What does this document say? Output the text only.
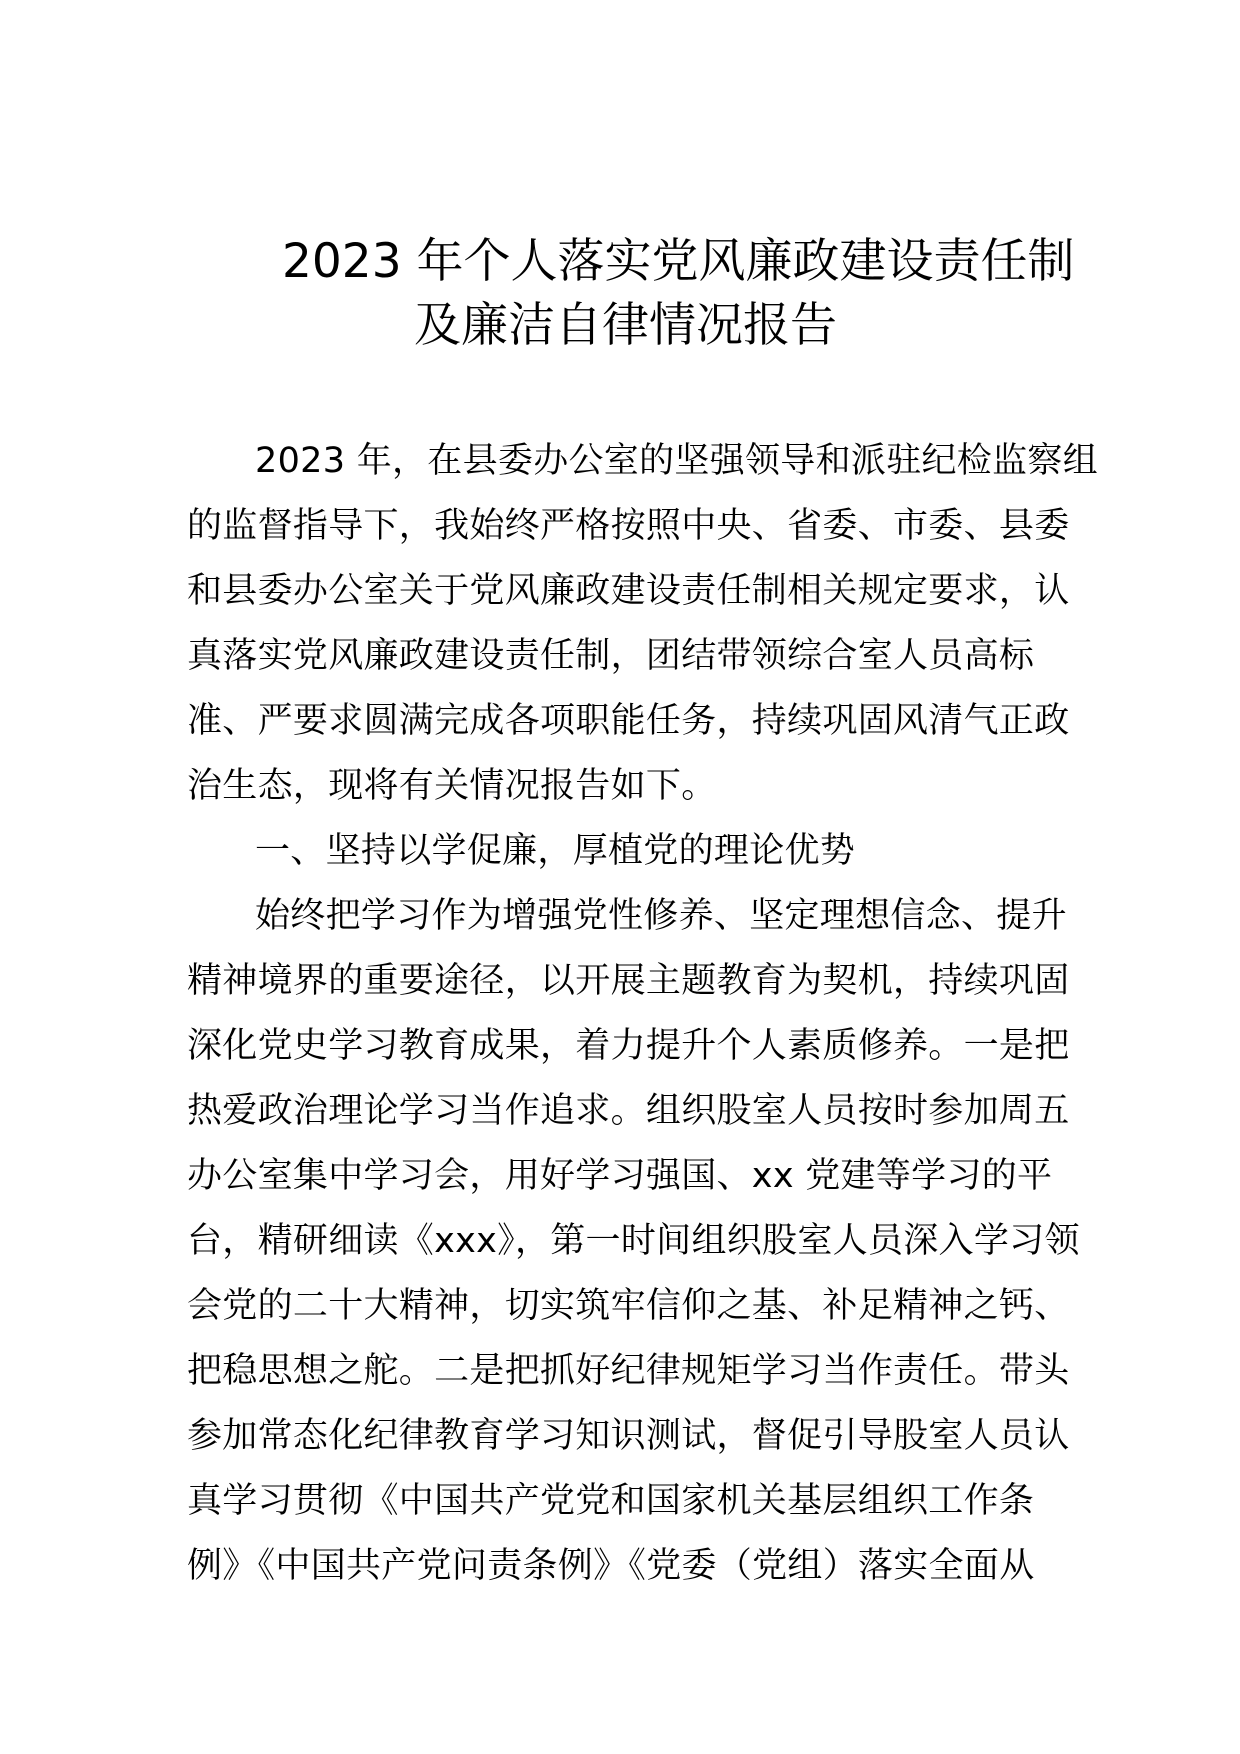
2023 年个人落实党风廉政建设责任制
及廉洁自律情况报告
2023 年，在县委办公室的坚强领导和派驻纪检监察组
的监督指导下，我始终严格按照中央、省委、市委、县委
和县委办公室关于党风廉政建设责任制相关规定要求，认
真落实党风廉政建设责任制，团结带领综合室人员高标
准、严要求圆满完成各项职能任务，持续巩固风清气正政
治生态，现将有关情况报告如下。
一、坚持以学促廉，厚植党的理论优势
始终把学习作为增强党性修养、坚定理想信念、提升
精神境界的重要途径，以开展主题教育为契机，持续巩固
深化党史学习教育成果，着力提升个人素质修养。一是把
热爱政治理论学习当作追求。组织股室人员按时参加周五
办公室集中学习会，用好学习强国、xx 党建等学习的平
台，精研细读《xxx》，第一时间组织股室人员深入学习领
会党的二十大精神，切实筑牢信仰之基、补足精神之钙、
把稳思想之舵。二是把抓好纪律规矩学习当作责任。带头
参加常态化纪律教育学习知识测试，督促引导股室人员认
真学习贯彻《中国共产党党和国家机关基层组织工作条
例》《中国共产党问责条例》《党委（党组）落实全面从
